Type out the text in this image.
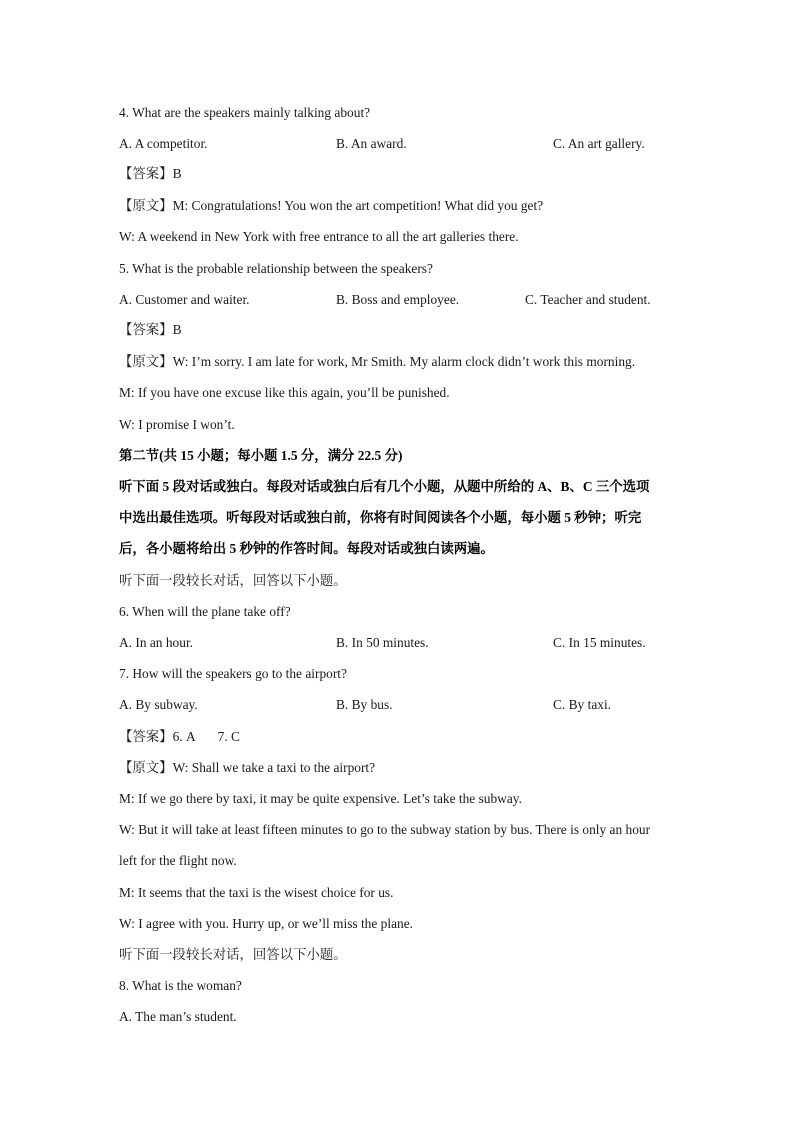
4. What are the speakers mainly talking about?
A. A competitor.	B. An award.	C. An art gallery.
【答案】B
【原文】M: Congratulations! You won the art competition! What did you get?
W: A weekend in New York with free entrance to all the art galleries there.
5. What is the probable relationship between the speakers?
A. Customer and waiter.	B. Boss and employee.	C. Teacher and student.
【答案】B
【原文】W: I’m sorry. I am late for work, Mr Smith. My alarm clock didn’t work this morning.
M: If you have one excuse like this again, you’ll be punished.
W: I promise I won’t.
第二节(共 15 小题；每小题 1.5 分，满分 22.5 分)
听下面 5 段对话或独白。每段对话或独白后有几个小题，从题中所给的 A、B、C 三个选项
中选出最佳选项。听每段对话或独白前，你将有时间阅读各个小题，每小题 5 秒钟；听完
后，各小题将给出 5 秒钟的作答时间。每段对话或独白读两遍。
听下面一段较长对话，回答以下小题。
6. When will the plane take off?
A. In an hour.	B. In 50 minutes.	C. In 15 minutes.
7. How will the speakers go to the airport?
A. By subway.	B. By bus.	C. By taxi.
【答案】6. A 7. C
【原文】W: Shall we take a taxi to the airport?
M: If we go there by taxi, it may be quite expensive. Let’s take the subway.
W: But it will take at least fifteen minutes to go to the subway station by bus. There is only an hour
left for the flight now.
M: It seems that the taxi is the wisest choice for us.
W: I agree with you. Hurry up, or we’ll miss the plane.
听下面一段较长对话，回答以下小题。
8. What is the woman?
A. The man’s student.
